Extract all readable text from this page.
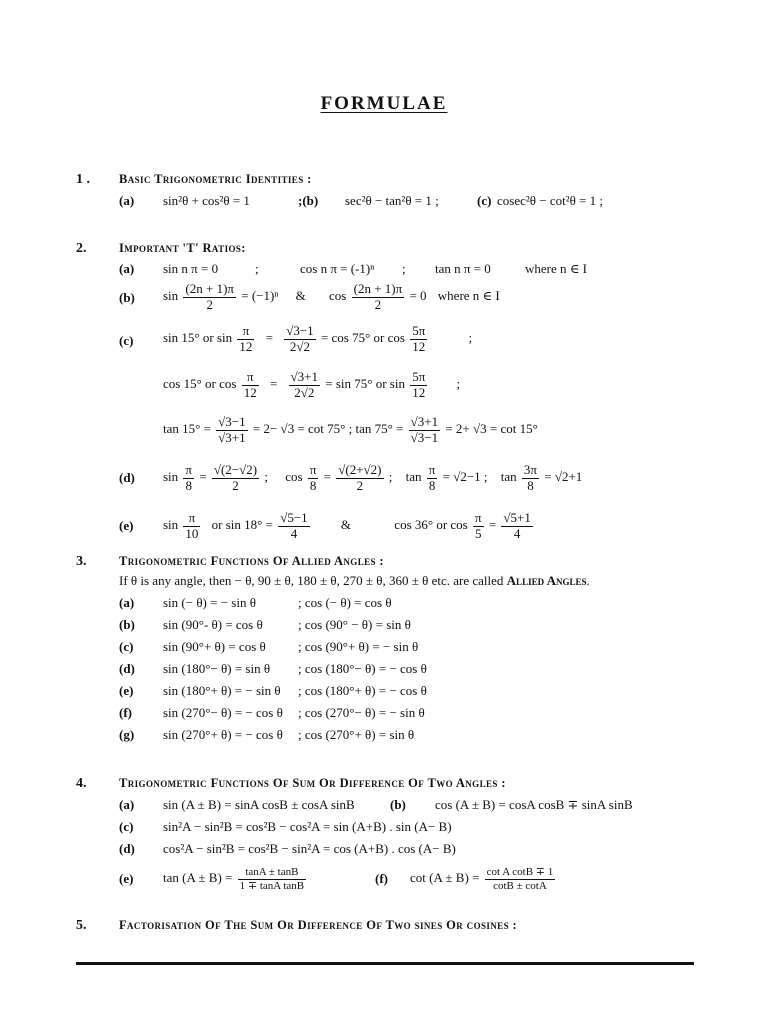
FORMULAE
1 . Basic Trigonometric Identities :
(a) sin²θ + cos²θ = 1	;(b) sec²θ − tan²θ = 1 ;	(c) cosec²θ − cot²θ = 1 ;
2.	Important 'T' Ratios:
(a) sin n π = 0	;	cos n π = (-1)ⁿ ; tan n π = 0	where n ∈ I
(b) $\sin \frac{(2n + 1)\pi}{2} = (-1)^n$ & $\cos \frac{(2n + 1)\pi}{2} = 0$ where n ∈ I
(c) sin 15° or $\sin \frac{\pi}{12} = \frac{√3-1}{2√2} = \cos 75^\circ$ or $\cos \frac{5\pi}{12}$	;
cos 15° or $\cos \frac{\pi}{12} = \frac{√3+1}{2√2} = \sin 75^\circ$ or $\sin \frac{5\pi}{12}$ ;
$\tan 15^\circ = \frac{√3-1}{√3+1} = 2- √3 = \cot 75^\circ$ ; $\tan 75^\circ = \frac{√3+1}{√3-1} = 2+ √3 = \cot 15^\circ$
(d) $\sin \frac{\pi}{8} = \frac{√(2-√2)}{2}$ ; $\cos \frac{\pi}{8} = \frac{√(2+√2)}{2}$ ; $\tan \frac{\pi}{8} = √2-1$ ; $\tan \frac{3\pi}{8} = √2+1$
(e) $\sin \frac{\pi}{10}$ or $\sin 18^\circ = \frac{√5-1}{4}$ &	cos 36° or $\cos \frac{\pi}{5} = \frac{√5+1}{4}$
3.	Trigonometric Functions Of Allied Angles :
If θ is any angle, then − θ, 90 ± θ, 180 ± θ, 270 ± θ, 360 ± θ etc. are called Allied Angles.
(a) sin (− θ) = − sin θ	; cos (− θ) = cos θ
(b) sin (90°- θ) = cos θ	; cos (90° − θ) = sin θ
(c) sin (90°+ θ) = cos θ ; cos (90°+ θ) = − sin θ
(d) sin (180°− θ) = sin θ ; cos (180°− θ) = − cos θ
(e) sin (180°+ θ) = − sin θ ; cos (180°+ θ) = − cos θ
(f) sin (270°− θ) = − cos θ ; cos (270°− θ) = − sin θ
(g) sin (270°+ θ) = − cos θ ; cos (270°+ θ) = sin θ
4.	Trigonometric Functions Of Sum Or Difference Of Two Angles :
(a) sin (A ± B) = sinA cosB ± cosA sinB	(b) cos (A ± B) = cosA cosB ∓ sinA sinB
(c) sin²A − sin²B = cos²B − cos²A = sin (A+B) . sin (A− B)
(d) cos²A − sin²B = cos²B − sin²A = cos (A+B) . cos (A− B)
(e) $\tan (A \pm B) = \frac{\tan A \pm \tan B}{\text{1 ∓ tanA tanB}}$	(f) $\cot (A \pm B) = \frac{\text{cot A cotB ∓ 1}}{\cot B \pm \cot A}$
5.	Factorisation Of The Sum Or Difference Of Two sines Or cosines :
